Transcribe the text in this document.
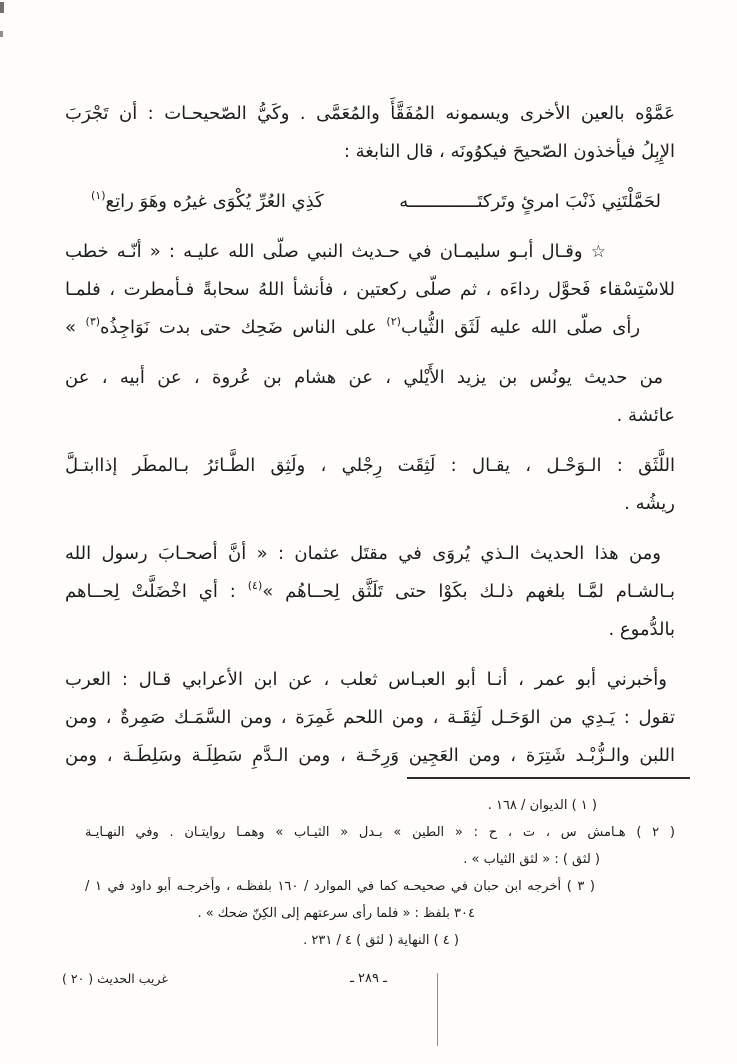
عَمَّوْه بالعين الأخرى ويسمونه المُفَقَّأَ والمُعَمَّى . وكَيُّ الصّحيحـات : أن تَجْرَبَ
الإِبِلُ فيأخذون الصّحيحَ فيكوُونَه ، قال النابغة :
لحَمَّلْتَنِي ذَنْبَ امرئٍ وتَركتَـــــــــــــه
كَذِي العُرِّ يُكْوَى غيرُه وهَوَ راتِع(١)
☆ وقـال أبـو سليمـان في حـديث النبي صلّى الله عليـه : « أنّـه خطب
للاسْتِسْقاء فَحوَّل رداءَه ، ثم صلّى ركعتين ، فأنشأ اللهُ سحابةً فـأمطرت ، فلمـا
رأى صلّى الله عليه لَثَق الثُّياب(٢) على الناس ضَحِك حتى بدت نَوَاجِذُه(٣) »
من حديث يونُس بن يزيد الأَيْلي ، عن هشام بن عُروة ، عن أبيه ، عن
عائشة .
اللَّثَق : الـوَحْـل ، يقـال : لَثِقَت رِجْلي ، ولَثِق الطَّـائرُ بـالمطَر إذاابتـلَّ
ريشُه .
ومن هذا الحديث الـذي يُروَى في مقتَل عثمان : « أنَّ أصحـابَ رسول الله
بـالشـام لمَّـا بلغهم ذلـك بكَوْا حتى تَلَثَّق لِحــاهُم »(٤) : أي اخْضَلَّتْ لِحــاهم
بالدُّموع .
وأخبرني أبو عمر ، أنـا أبو العبـاس ثعلب ، عن ابن الأعرابي قـال : العرب
تقول : يَـدِي من الوَحَـل لَثِقَـة ، ومن اللحم غَمِرَة ، ومن السَّمَـك صَمِرةٌ ، ومن
اللبن والـزُّبْـد شَتِرَة ، ومن العَجِين وَرِخَـة ، ومن الـدَّمِ سَطِلَـة وسَلِطَـة ، ومن
( ١ ) الديوان / ١٦٨ .
( ٢ ) هـامش س ، ت ، ح : « الطين » بـدل « الثيـاب » وهمـا روايتـان . وفي النهـايـة
( لثق ) : « لثق الثياب » .
( ٣ ) أخرجه ابن حبان في صحيحـه كما في الموارد / ١٦٠ بلفظـه ، وأخرجـه أبو داود في ١ /
٣٠٤ بلفظ : « فلما رأى سرعتهم إلى الكِنّ ضحك » .
( ٤ ) النهاية ( لثق ) ٤ / ٢٣١ .
ـ ٢٨٩ ـ
غريب الحديث ( ٢٠ )
